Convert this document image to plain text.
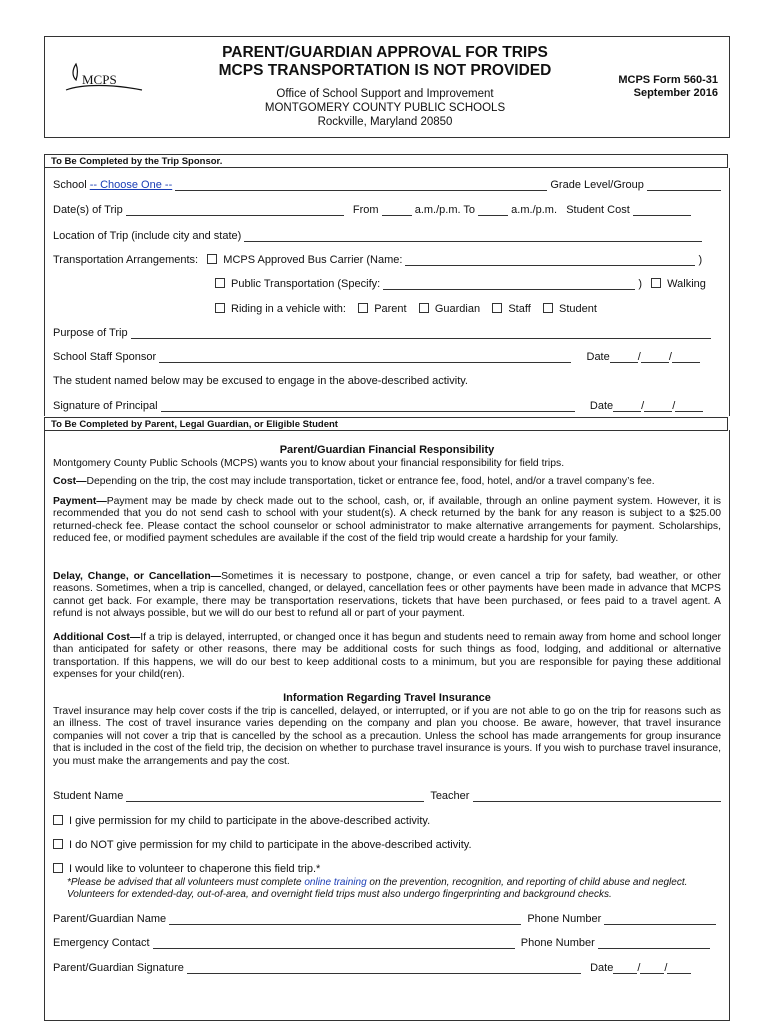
MCPS
PARENT/GUARDIAN APPROVAL FOR TRIPS
MCPS TRANSPORTATION IS NOT PROVIDED
Office of School Support and Improvement
MONTGOMERY COUNTY PUBLIC SCHOOLS
Rockville, Maryland 20850
MCPS Form 560-31
September 2016
To Be Completed by the Trip Sponsor.
School -- Choose One --	Grade Level/Group
Date(s) of Trip	From	a.m./p.m. To	a.m./p.m. Student Cost
Location of Trip (include city and state)
Transportation Arrangements: MCPS Approved Bus Carrier (Name:	)
Public Transportation (Specify:	) Walking
Riding in a vehicle with:	Parent	Guardian	Staff	Student
Purpose of Trip
School Staff Sponsor	Date	/	/
The student named below may be excused to engage in the above-described activity.
Signature of Principal	Date	/	/
To Be Completed by Parent, Legal Guardian, or Eligible Student
Parent/Guardian Financial Responsibility
Montgomery County Public Schools (MCPS) wants you to know about your financial responsibility for field trips.
Cost—Depending on the trip, the cost may include transportation, ticket or entrance fee, food, hotel, and/or a travel company’s fee.
Payment—Payment may be made by check made out to the school, cash, or, if available, through an online payment system. However, it is recommended that you do not send cash to school with your student(s). A check returned by the bank for any reason is subject to a $25.00 returned-check fee. Please contact the school counselor or school administrator to make alternative arrangements for payment. Scholarships, reduced fee, or modified payment schedules are available if the cost of the field trip would create a hardship for your family.
Delay, Change, or Cancellation—Sometimes it is necessary to postpone, change, or even cancel a trip for safety, bad weather, or other reasons. Sometimes, when a trip is cancelled, changed, or delayed, cancellation fees or other payments have been made in advance that MCPS cannot get back. For example, there may be transportation reservations, tickets that have been purchased, or fees paid to a travel agent. A refund is not always possible, but we will do our best to refund all or part of your payment.
Additional Cost—If a trip is delayed, interrupted, or changed once it has begun and students need to remain away from home and school longer than anticipated for safety or other reasons, there may be additional costs for such things as food, lodging, and additional or alternative transportation. If this happens, we will do our best to keep additional costs to a minimum, but you are responsible for paying these additional expenses for your child(ren).
Information Regarding Travel Insurance
Travel insurance may help cover costs if the trip is cancelled, delayed, or interrupted, or if you are not able to go on the trip for reasons such as an illness. The cost of travel insurance varies depending on the company and plan you choose. Be aware, however, that travel insurance companies will not cover a trip that is cancelled by the school as a precaution. Unless the school has made arrangements for group insurance that is included in the cost of the field trip, the decision on whether to purchase travel insurance is yours. If you wish to purchase travel insurance, you must make the arrangements and pay the cost.
Student Name	Teacher
I give permission for my child to participate in the above-described activity.
I do NOT give permission for my child to participate in the above-described activity.
I would like to volunteer to chaperone this field trip.*
*Please be advised that all volunteers must complete online training on the prevention, recognition, and reporting of child abuse and neglect. Volunteers for extended-day, out-of-area, and overnight field trips must also undergo fingerprinting and background checks.
Parent/Guardian Name	Phone Number
Emergency Contact	Phone Number
Parent/Guardian Signature	Date / /
